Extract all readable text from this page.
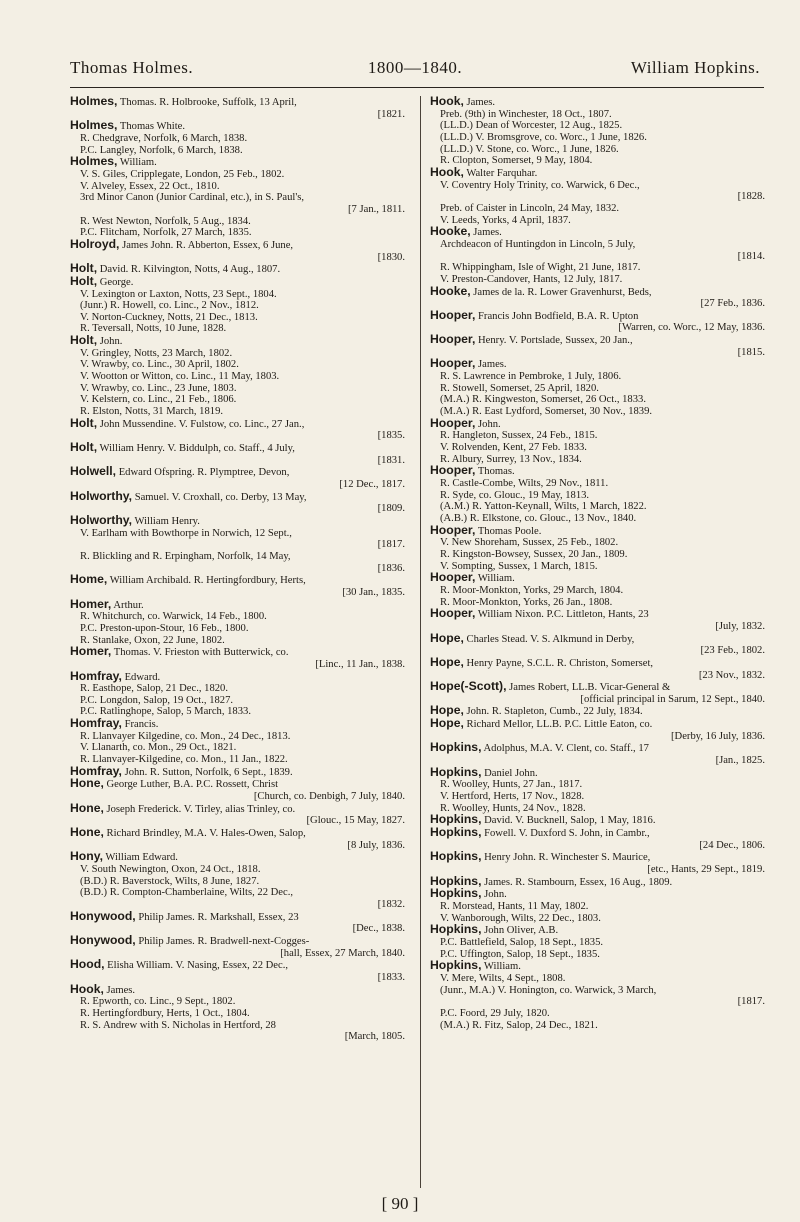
Thomas Holmes.	1800—1840.	William Hopkins.

Holmes, Thomas. R. Holbrooke, Suffolk, 13 April,

[1821.

Holmes, Thomas White.

R. Chedgrave, Norfolk, 6 March, 1838.

P.C. Langley, Norfolk, 6 March, 1838.

Holmes, William.

V. S. Giles, Cripplegate, London, 25 Feb., 1802.

V. Alveley, Essex, 22 Oct., 1810.

3rd Minor Canon (Junior Cardinal, etc.), in S. Paul's,

[7 Jan., 1811.

R. West Newton, Norfolk, 5 Aug., 1834.

P.C. Flitcham, Norfolk, 27 March, 1835.

Holroyd, James John. R. Abberton, Essex, 6 June,

[1830.

Holt, David. R. Kilvington, Notts, 4 Aug., 1807.

Holt, George.

V. Lexington or Laxton, Notts, 23 Sept., 1804.

(Junr.) R. Howell, co. Linc., 2 Nov., 1812.

V. Norton-Cuckney, Notts, 21 Dec., 1813.

R. Teversall, Notts, 10 June, 1828.

Holt, John.

V. Gringley, Notts, 23 March, 1802.

V. Wrawby, co. Linc., 30 April, 1802.

V. Wootton or Witton, co. Linc., 11 May, 1803.

V. Wrawby, co. Linc., 23 June, 1803.

V. Kelstern, co. Linc., 21 Feb., 1806.

R. Elston, Notts, 31 March, 1819.

Holt, John Mussendine. V. Fulstow, co. Linc., 27 Jan.,

[1835.

Holt, William Henry. V. Biddulph, co. Staff., 4 July,

[1831.

Holwell, Edward Ofspring. R. Plymptree, Devon,

[12 Dec., 1817.

Holworthy, Samuel. V. Croxhall, co. Derby, 13 May,

[1809.

Holworthy, William Henry.

V. Earlham with Bowthorpe in Norwich, 12 Sept.,

[1817.

R. Blickling and R. Erpingham, Norfolk, 14 May,

[1836.

Home, William Archibald. R. Hertingfordbury, Herts,

[30 Jan., 1835.

Homer, Arthur.

R. Whitchurch, co. Warwick, 14 Feb., 1800.

P.C. Preston-upon-Stour, 16 Feb., 1800.

R. Stanlake, Oxon, 22 June, 1802.

Homer, Thomas. V. Frieston with Butterwick, co.

[Linc., 11 Jan., 1838.

Homfray, Edward.

R. Easthope, Salop, 21 Dec., 1820.

P.C. Longdon, Salop, 19 Oct., 1827.

P.C. Ratlinghope, Salop, 5 March, 1833.

Homfray, Francis.

R. Llanvayer Kilgedine, co. Mon., 24 Dec., 1813.

V. Llanarth, co. Mon., 29 Oct., 1821.

R. Llanvayer-Kilgedine, co. Mon., 11 Jan., 1822.

Homfray, John. R. Sutton, Norfolk, 6 Sept., 1839.

Hone, George Luther, B.A. P.C. Rossett, Christ

[Church, co. Denbigh, 7 July, 1840.

Hone, Joseph Frederick. V. Tirley, alias Trinley, co.

[Glouc., 15 May, 1827.

Hone, Richard Brindley, M.A. V. Hales-Owen, Salop,

[8 July, 1836.

Hony, William Edward.

V. South Newington, Oxon, 24 Oct., 1818.

(B.D.) R. Baverstock, Wilts, 8 June, 1827.

(B.D.) R. Compton-Chamberlaine, Wilts, 22 Dec.,

[1832.

Honywood, Philip James. R. Markshall, Essex, 23

[Dec., 1838.

Honywood, Philip James. R. Bradwell-next-Cogges-

[hall, Essex, 27 March, 1840.

Hood, Elisha William. V. Nasing, Essex, 22 Dec.,

[1833.

Hook, James.

R. Epworth, co. Linc., 9 Sept., 1802.

R. Hertingfordbury, Herts, 1 Oct., 1804.

R. S. Andrew with S. Nicholas in Hertford, 28

[March, 1805.

Hook, James.

Preb. (9th) in Winchester, 18 Oct., 1807.

(LL.D.) Dean of Worcester, 12 Aug., 1825.

(LL.D.) V. Bromsgrove, co. Worc., 1 June, 1826.

(LL.D.) V. Stone, co. Worc., 1 June, 1826.

R. Clopton, Somerset, 9 May, 1804.

Hook, Walter Farquhar.

V. Coventry Holy Trinity, co. Warwick, 6 Dec.,

[1828.

Preb. of Caister in Lincoln, 24 May, 1832.

V. Leeds, Yorks, 4 April, 1837.

Hooke, James.

Archdeacon of Huntingdon in Lincoln, 5 July,

[1814.

R. Whippingham, Isle of Wight, 21 June, 1817.

V. Preston-Candover, Hants, 12 July, 1817.

Hooke, James de la. R. Lower Gravenhurst, Beds,

[27 Feb., 1836.

Hooper, Francis John Bodfield, B.A. R. Upton

[Warren, co. Worc., 12 May, 1836.

Hooper, Henry. V. Portslade, Sussex, 20 Jan.,

[1815.

Hooper, James.

R. S. Lawrence in Pembroke, 1 July, 1806.

R. Stowell, Somerset, 25 April, 1820.

(M.A.) R. Kingweston, Somerset, 26 Oct., 1833.

(M.A.) R. East Lydford, Somerset, 30 Nov., 1839.

Hooper, John.

R. Hangleton, Sussex, 24 Feb., 1815.

V. Rolvenden, Kent, 27 Feb. 1833.

R. Albury, Surrey, 13 Nov., 1834.

Hooper, Thomas.

R. Castle-Combe, Wilts, 29 Nov., 1811.

R. Syde, co. Glouc., 19 May, 1813.

(A.M.) R. Yatton-Keynall, Wilts, 1 March, 1822.

(A.B.) R. Elkstone, co. Glouc., 13 Nov., 1840.

Hooper, Thomas Poole.

V. New Shoreham, Sussex, 25 Feb., 1802.

R. Kingston-Bowsey, Sussex, 20 Jan., 1809.

V. Sompting, Sussex, 1 March, 1815.

Hooper, William.

R. Moor-Monkton, Yorks, 29 March, 1804.

R. Moor-Monkton, Yorks, 26 Jan., 1808.

Hooper, William Nixon. P.C. Littleton, Hants, 23

[July, 1832.

Hope, Charles Stead. V. S. Alkmund in Derby,

[23 Feb., 1802.

Hope, Henry Payne, S.C.L. R. Christon, Somerset,

[23 Nov., 1832.

Hope(-Scott), James Robert, LL.B. Vicar-General &

[official principal in Sarum, 12 Sept., 1840.

Hope, John. R. Stapleton, Cumb., 22 July, 1834.

Hope, Richard Mellor, LL.B. P.C. Little Eaton, co.

[Derby, 16 July, 1836.

Hopkins, Adolphus, M.A. V. Clent, co. Staff., 17

[Jan., 1825.

Hopkins, Daniel John.

R. Woolley, Hunts, 27 Jan., 1817.

V. Hertford, Herts, 17 Nov., 1828.

R. Woolley, Hunts, 24 Nov., 1828.

Hopkins, David. V. Bucknell, Salop, 1 May, 1816.

Hopkins, Fowell. V. Duxford S. John, in Cambr.,

[24 Dec., 1806.

Hopkins, Henry John. R. Winchester S. Maurice,

[etc., Hants, 29 Sept., 1819.

Hopkins, James. R. Stambourn, Essex, 16 Aug., 1809.

Hopkins, John.

R. Morstead, Hants, 11 May, 1802.

V. Wanborough, Wilts, 22 Dec., 1803.

Hopkins, John Oliver, A.B.

P.C. Battlefield, Salop, 18 Sept., 1835.

P.C. Uffington, Salop, 18 Sept., 1835.

Hopkins, William.

V. Mere, Wilts, 4 Sept., 1808.

(Junr., M.A.) V. Honington, co. Warwick, 3 March,

[1817.

P.C. Foord, 29 July, 1820.

(M.A.) R. Fitz, Salop, 24 Dec., 1821.

[ 90 ]
